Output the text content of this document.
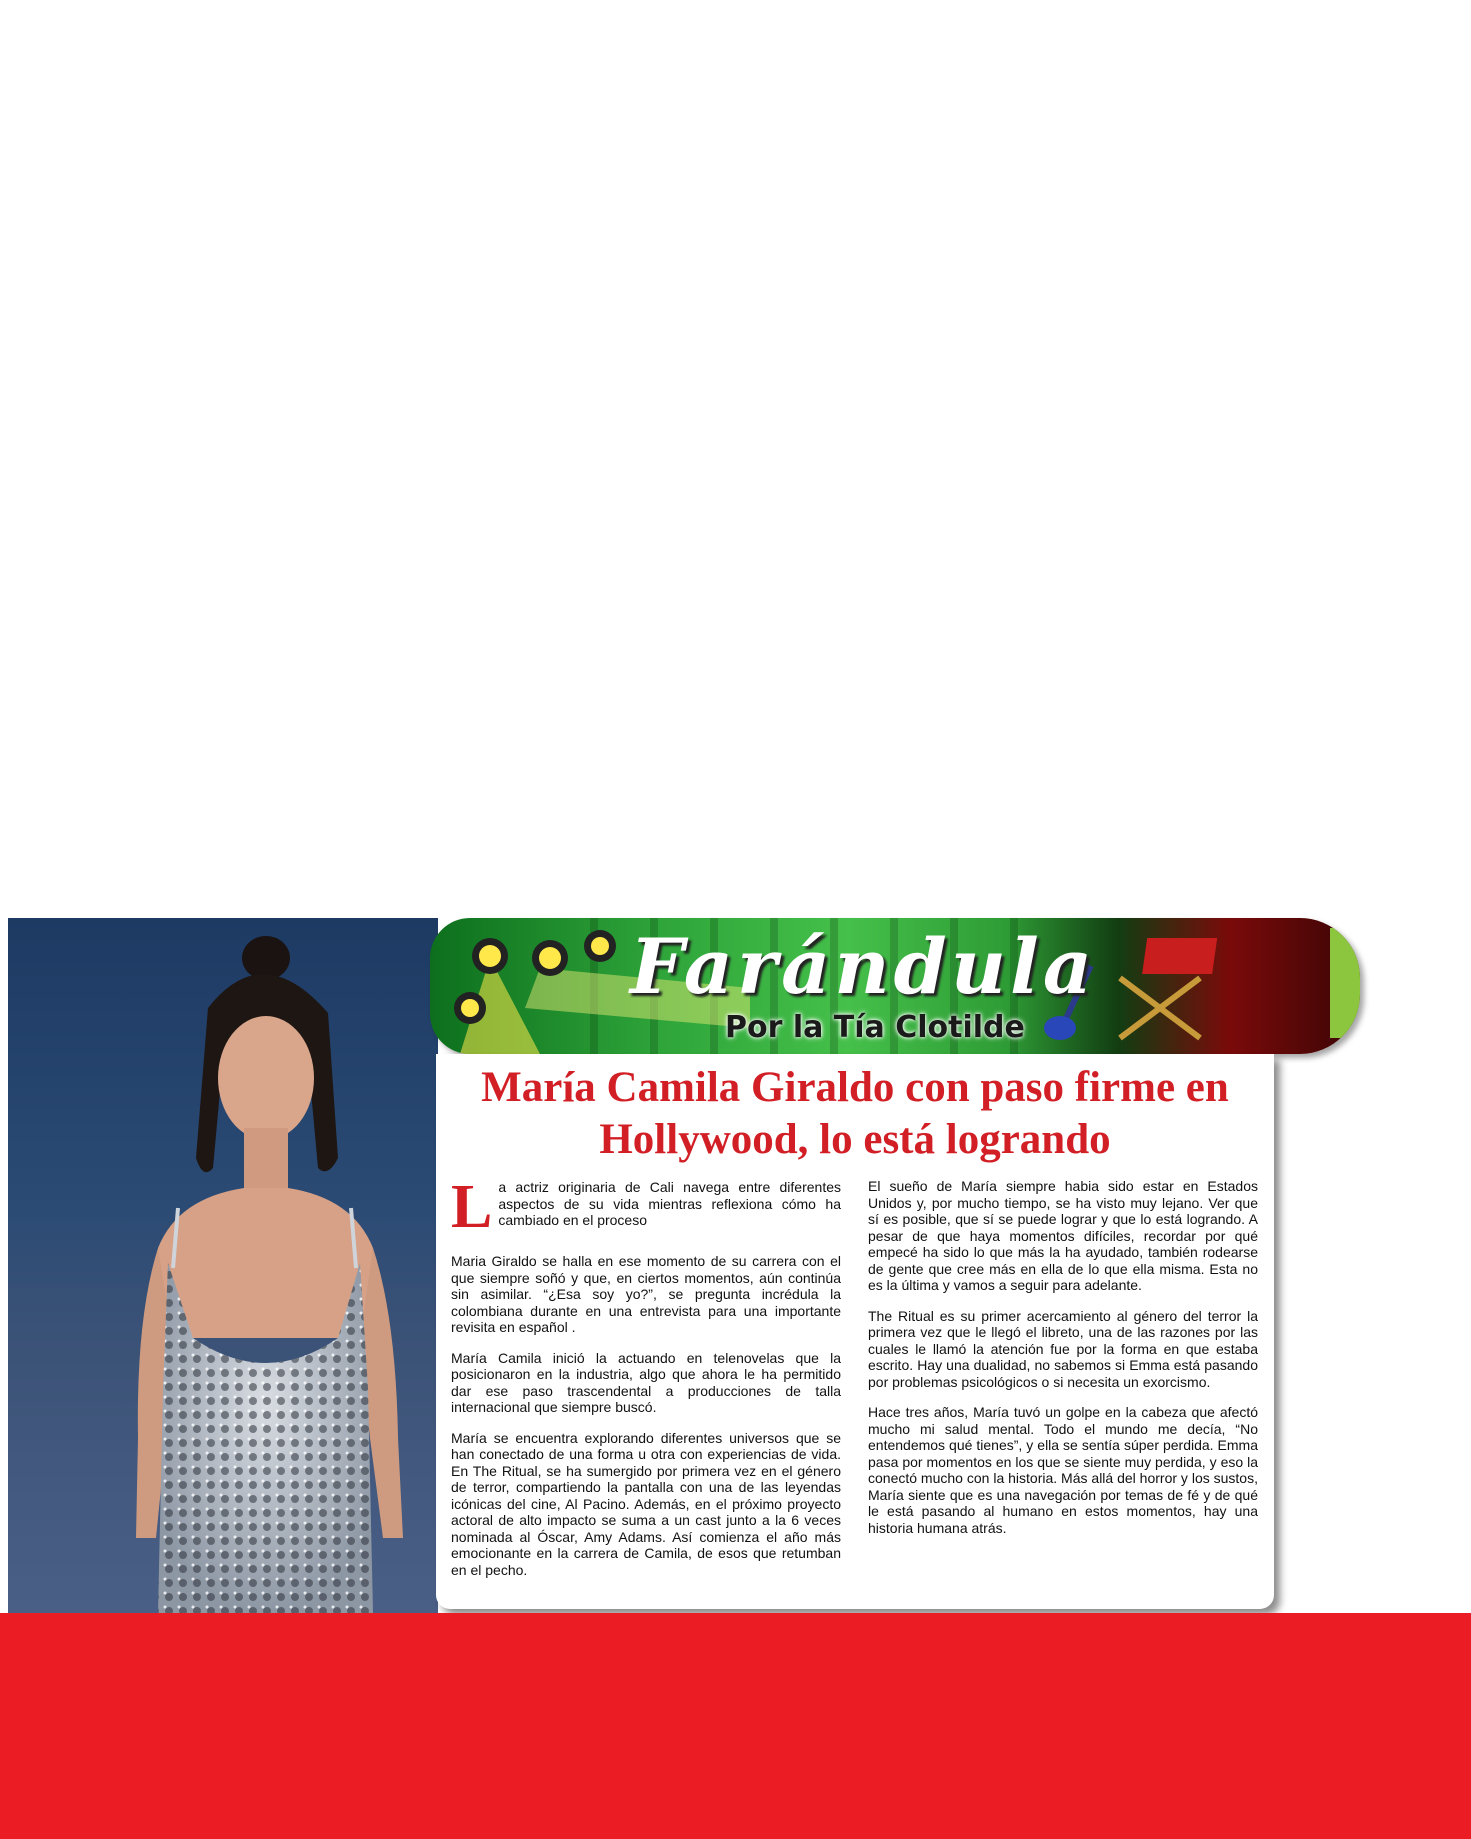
Farándula
Por la Tía Clotilde
María Camila Giraldo con paso firme en
Hollywood, lo está logrando

L a actriz originaria de Cali navega entre diferentes aspectos de su vida mientras reflexiona cómo ha cambiado en el proceso

Maria Giraldo se halla en ese momento de su carrera con el que siempre soñó y que, en ciertos momentos, aún continúa sin asimilar. “¿Esa soy yo?”, se pregunta incrédula la colombiana durante en una entrevista para una importante revisita en español .

María Camila inició la actuando en telenovelas que la posicionaron en la industria, algo que ahora le ha permitido dar ese paso trascendental a producciones de talla internacional que siempre buscó.

María se encuentra explorando diferentes universos que se han conectado de una forma u otra con experiencias de vida. En The Ritual, se ha sumergido por primera vez en el género de terror, compartiendo la pantalla con una de las leyendas icónicas del cine, Al Pacino. Además, en el próximo proyecto actoral de alto impacto se suma a un cast junto a la 6 veces nominada al Óscar, Amy Adams. Así comienza el año más emocionante en la carrera de Camila, de esos que retumban en el pecho.

El sueño de María siempre habia sido estar en Estados Unidos y, por mucho tiempo, se ha visto muy lejano. Ver que sí es posible, que sí se puede lograr y que lo está logrando. A pesar de que haya momentos difíciles, recordar por qué empecé ha sido lo que más la ha ayudado, también rodearse de gente que cree más en ella de lo que ella misma. Esta no es la última y vamos a seguir para adelante.

The Ritual es su primer acercamiento al género del terror la primera vez que le llegó el libreto, una de las razones por las cuales le llamó la atención fue por la forma en que estaba escrito. Hay una dualidad, no sabemos si Emma está pasando por problemas psicológicos o si necesita un exorcismo.

Hace tres años, María tuvó un golpe en la cabeza que afectó mucho mi salud mental. Todo el mundo me decía, “No entendemos qué tienes”, y ella se sentía súper perdida. Emma pasa por momentos en los que se siente muy perdida, y eso la conectó mucho con la historia. Más allá del horror y los sustos, María siente que es una navegación por temas de fé y de qué le está pasando al humano en estos momentos, hay una historia humana atrás.
